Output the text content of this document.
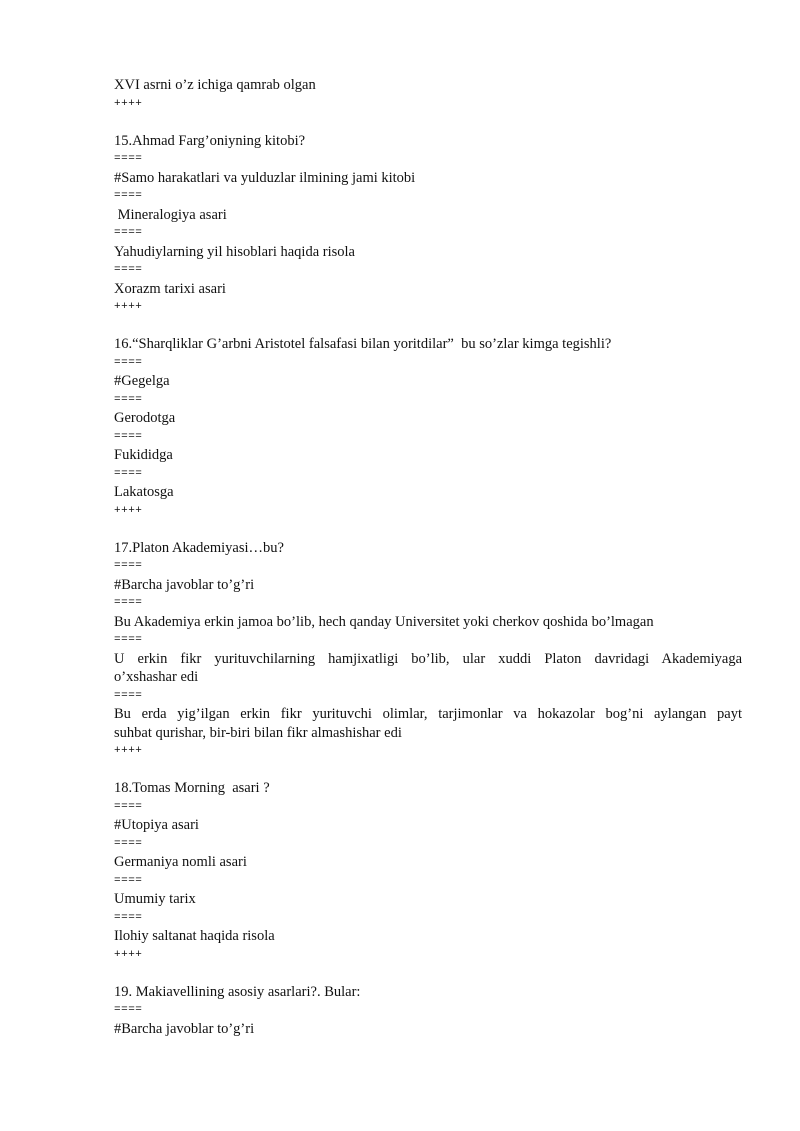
XVI asrni o’z ichiga qamrab olgan
++++
15.Ahmad Farg’oniyning kitobi?
====
#Samo harakatlari va yulduzlar ilmining jami kitobi
====
Mineralogiya asari
====
Yahudiylarning yil hisoblari haqida risola
====
Xorazm tarixi asari
++++
16.“Sharqliklar G’arbni Aristotel falsafasi bilan yoritdilar”  bu so’zlar kimga tegishli?
====
#Gegelga
====
Gerodotga
====
Fukididga
====
Lakatosga
++++
17.Platon Akademiyasi…bu?
====
#Barcha javoblar to’g’ri
====
Bu Akademiya erkin jamoa bo’lib, hech qanday Universitet yoki cherkov qoshida bo’lmagan
====
U erkin fikr yurituvchilarning hamjixatligi bo’lib, ular xuddi Platon davridagi Akademiyaga
o’xshashar edi
====
Bu erda yig’ilgan erkin fikr yurituvchi olimlar, tarjimonlar va hokazolar bog’ni aylangan payt
suhbat qurishar, bir-biri bilan fikr almashishar edi
++++
18.Tomas Morning  asari ?
====
#Utopiya asari
====
Germaniya nomli asari
====
Umumiy tarix
====
Ilohiy saltanat haqida risola
++++
19. Makiavellining asosiy asarlari?. Bular:
====
#Barcha javoblar to’g’ri
